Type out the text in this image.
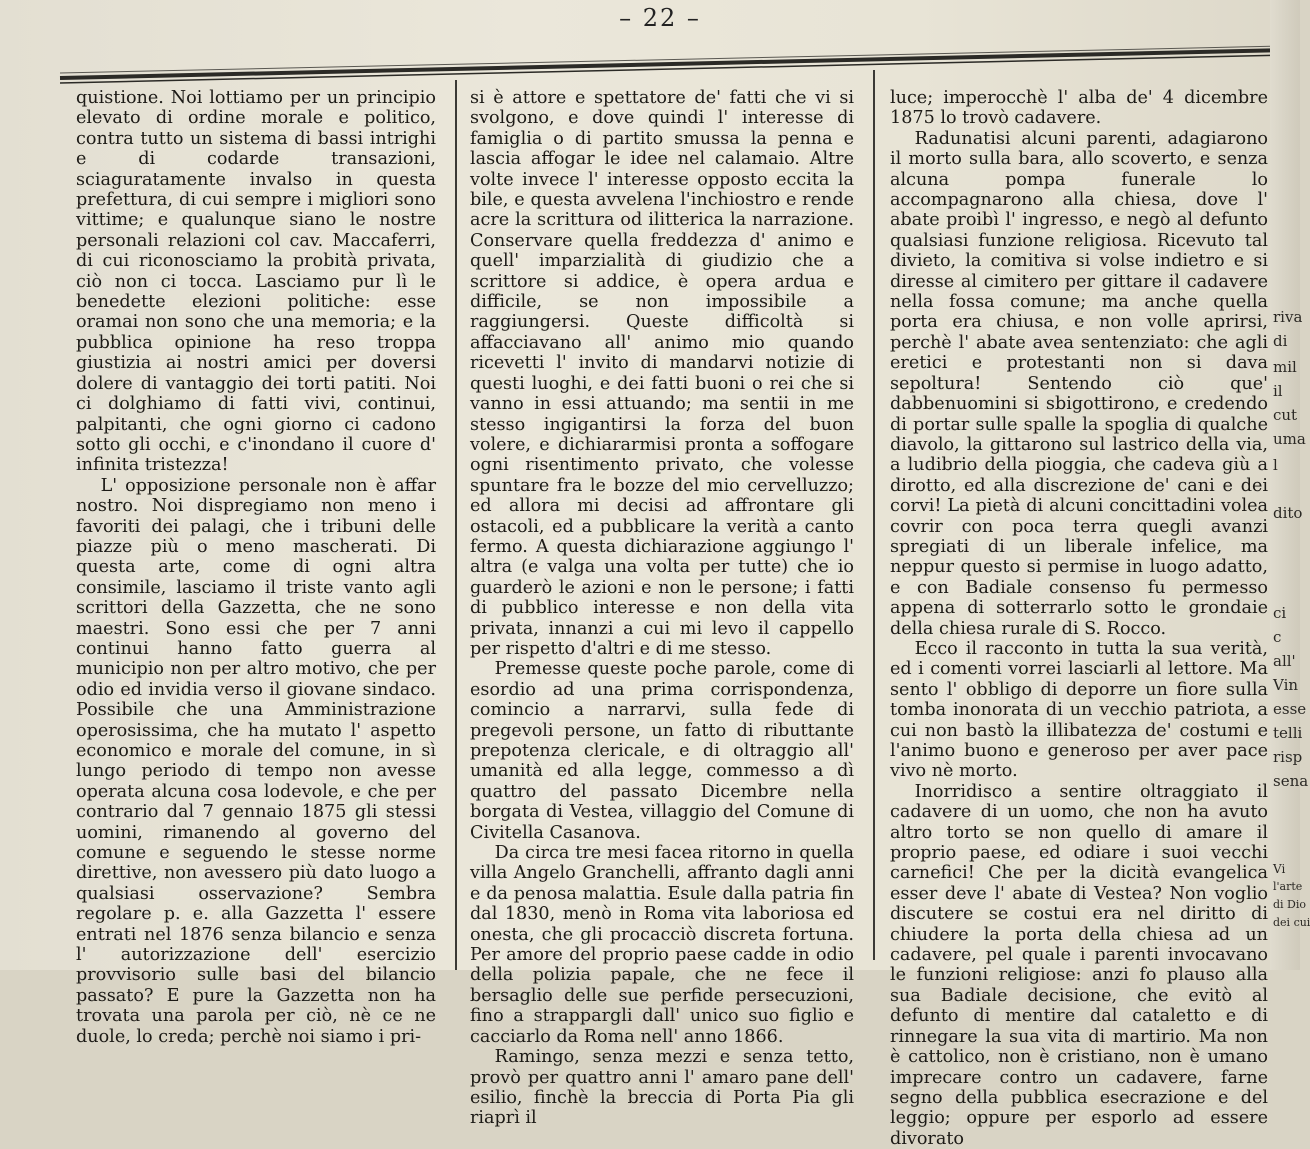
– 22 –

quistione. Noi lottiamo per un principio elevato di ordine morale e politico, contra tutto un sistema di bassi intrighi e di codarde transazioni, sciaguratamente invalso in questa prefettura, di cui sempre i migliori sono vittime; e qualunque siano le nostre personali relazioni col cav. Maccaferri, di cui riconosciamo la probità privata, ciò non ci tocca. Lasciamo pur lì le benedette elezioni politiche: esse oramai non sono che una memoria; e la pubblica opinione ha reso troppa giustizia ai nostri amici per doversi dolere di vantaggio dei torti patiti. Noi ci dolghiamo di fatti vivi, continui, palpitanti, che ogni giorno ci cadono sotto gli occhi, e c'inondano il cuore d' infinita tristezza!

L' opposizione personale non è affar nostro. Noi dispregiamo non meno i favoriti dei palagi, che i tribuni delle piazze più o meno mascherati. Di questa arte, come di ogni altra consimile, lasciamo il triste vanto agli scrittori della Gazzetta, che ne sono maestri. Sono essi che per 7 anni continui hanno fatto guerra al municipio non per altro motivo, che per odio ed invidia verso il giovane sindaco. Possibile che una Amministrazione operosissima, che ha mutato l' aspetto economico e morale del comune, in sì lungo periodo di tempo non avesse operata alcuna cosa lodevole, e che per contrario dal 7 gennaio 1875 gli stessi uomini, rimanendo al governo del comune e seguendo le stesse norme direttive, non avessero più dato luogo a qualsiasi osservazione? Sembra regolare p. e. alla Gazzetta l' essere entrati nel 1876 senza bilancio e senza l' autorizzazione dell' esercizio provvisorio sulle basi del bilancio passato? E pure la Gazzetta non ha trovata una parola per ciò, nè ce ne duole, lo creda; perchè noi siamo i pri-

si è attore e spettatore de' fatti che vi si svolgono, e dove quindi l' interesse di famiglia o di partito smussa la penna e lascia affogar le idee nel calamaio. Altre volte invece l' interesse opposto eccita la bile, e questa avvelena l'inchiostro e rende acre la scrittura od ilitterica la narrazione. Conservare quella freddezza d' animo e quell' imparzialità di giudizio che a scrittore si addice, è opera ardua e difficile, se non impossibile a raggiungersi. Queste difficoltà si affacciavano all' animo mio quando ricevetti l' invito di mandarvi notizie di questi luoghi, e dei fatti buoni o rei che si vanno in essi attuando; ma sentii in me stesso ingigantirsi la forza del buon volere, e dichiararmisi pronta a soffogare ogni risentimento privato, che volesse spuntare fra le bozze del mio cervelluzzo; ed allora mi decisi ad affrontare gli ostacoli, ed a pubblicare la verità a canto fermo. A questa dichiarazione aggiungo l' altra (e valga una volta per tutte) che io guarderò le azioni e non le persone; i fatti di pubblico interesse e non della vita privata, innanzi a cui mi levo il cappello per rispetto d'altri e di me stesso.

Premesse queste poche parole, come di esordio ad una prima corrispondenza, comincio a narrarvi, sulla fede di pregevoli persone, un fatto di ributtante prepotenza clericale, e di oltraggio all' umanità ed alla legge, commesso a dì quattro del passato Dicembre nella borgata di Vestea, villaggio del Comune di Civitella Casanova.

Da circa tre mesi facea ritorno in quella villa Angelo Granchelli, affranto dagli anni e da penosa malattia. Esule dalla patria fin dal 1830, menò in Roma vita laboriosa ed onesta, che gli procacciò discreta fortuna. Per amore del proprio paese cadde in odio della polizia papale, che ne fece il bersaglio delle sue perfide persecuzioni, fino a strappargli dall' unico suo figlio e cacciarlo da Roma nell' anno 1866.

Ramingo, senza mezzi e senza tetto, provò per quattro anni l' amaro pane dell' esilio, finchè la breccia di Porta Pia gli riaprì il

luce; imperocchè l' alba de' 4 dicembre 1875 lo trovò cadavere.

Radunatisi alcuni parenti, adagiarono il morto sulla bara, allo scoverto, e senza alcuna pompa funerale lo accompagnarono alla chiesa, dove l' abate proibì l' ingresso, e negò al defunto qualsiasi funzione religiosa. Ricevuto tal divieto, la comitiva si volse indietro e si diresse al cimitero per gittare il cadavere nella fossa comune; ma anche quella porta era chiusa, e non volle aprirsi, perchè l' abate avea sentenziato: che agli eretici e protestanti non si dava sepoltura! Sentendo ciò que' dabbenuomini si sbigottirono, e credendo di portar sulle spalle la spoglia di qualche diavolo, la gittarono sul lastrico della via, a ludibrio della pioggia, che cadeva giù a dirotto, ed alla discrezione de' cani e dei corvi! La pietà di alcuni concittadini volea covrir con poca terra quegli avanzi spregiati di un liberale infelice, ma neppur questo si permise in luogo adatto, e con Badiale consenso fu permesso appena di sotterrarlo sotto le grondaie della chiesa rurale di S. Rocco.

Ecco il racconto in tutta la sua verità, ed i comenti vorrei lasciarli al lettore. Ma sento l' obbligo di deporre un fiore sulla tomba inonorata di un vecchio patriota, a cui non bastò la illibatezza de' costumi e l'animo buono e generoso per aver pace vivo nè morto.

Inorridisco a sentire oltraggiato il cadavere di un uomo, che non ha avuto altro torto se non quello di amare il proprio paese, ed odiare i suoi vecchi carnefici! Che per la dicità evangelica esser deve l' abate di Vestea? Non voglio discutere se costui era nel diritto di chiudere la porta della chiesa ad un cadavere, pel quale i parenti invocavano le funzioni religiose: anzi fo plauso alla sua Badiale decisione, che evitò al defunto di mentire dal cataletto e di rinnegare la sua vita di martirio. Ma non è cattolico, non è cristiano, non è umano imprecare contro un cadavere, farne segno della pubblica esecrazione e del leggio; oppure per esporlo ad essere divorato

riva
di
mil
il
cut
uma
l
dito
ci
c
all'
Vin
esse
telli
risp
sena
Vi
l'arte
di Dio
dei cui
